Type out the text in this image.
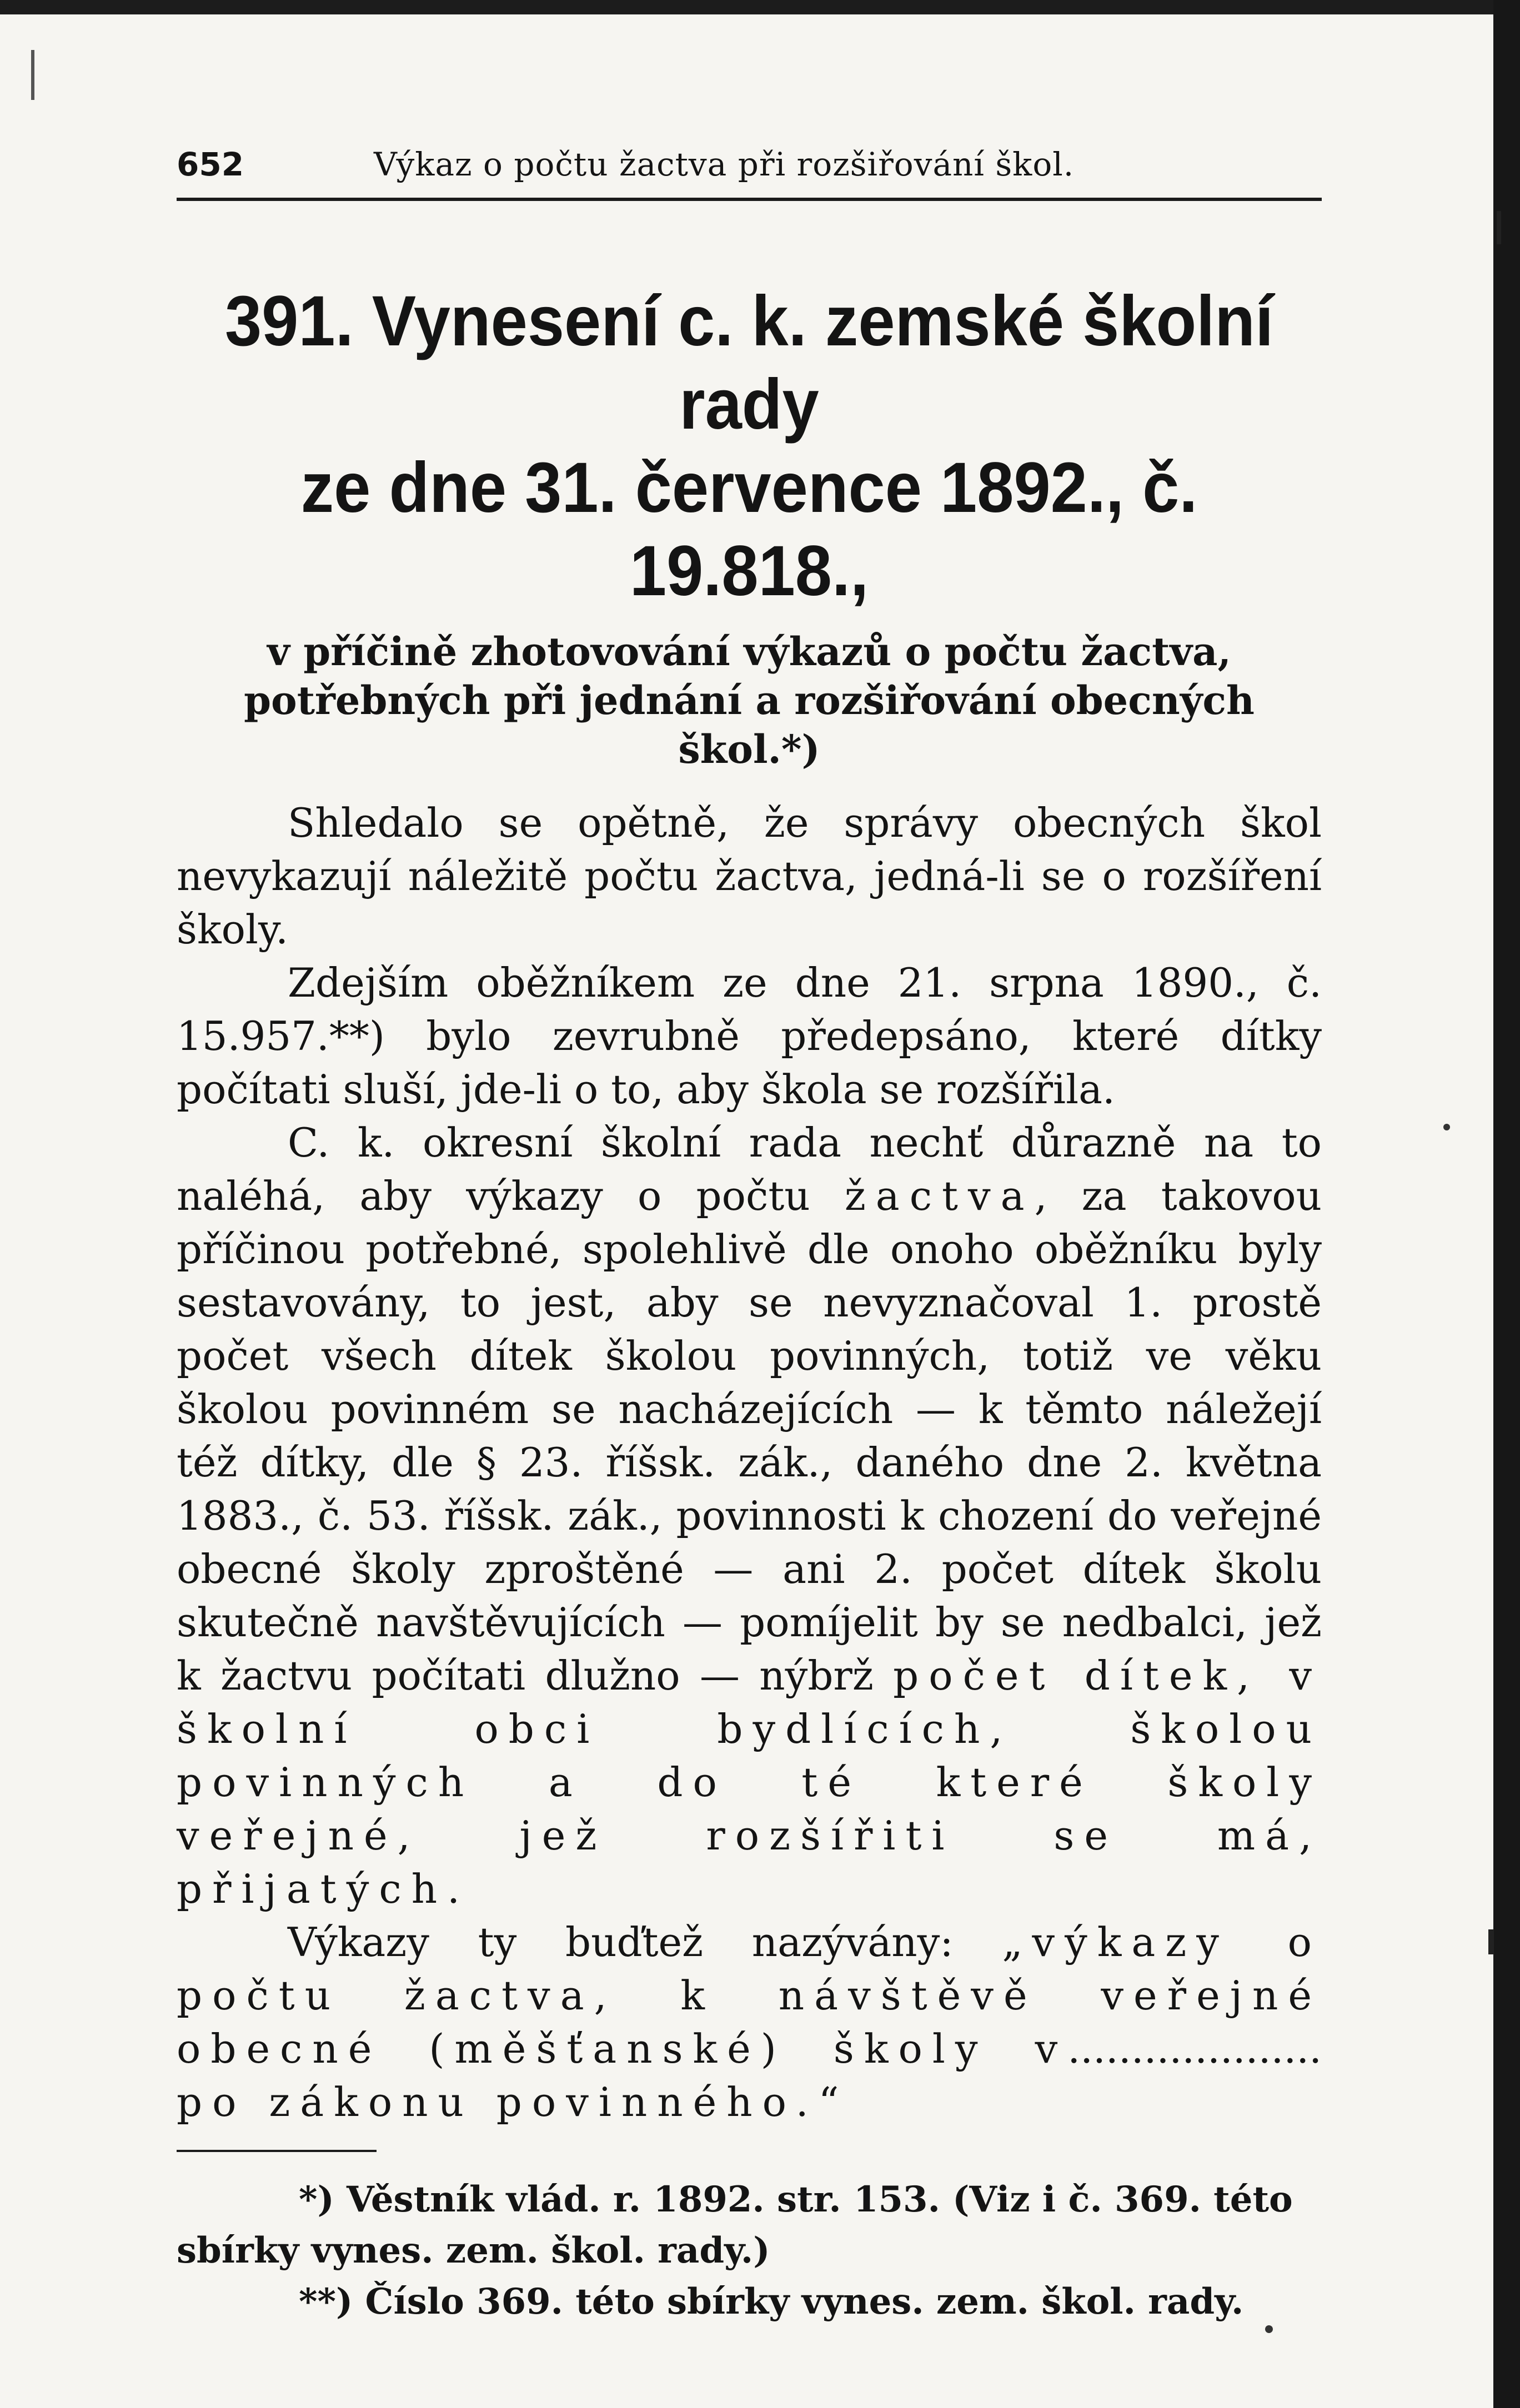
652	Výkaz o počtu žactva při rozšiřování škol.
391. Vynesení c. k. zemské školní rady
ze dne 31. července 1892., č. 19.818.,
v příčině zhotovování výkazů o počtu žactva, potřebných při jednání a rozšiřování obecných škol.*)

Shledalo se opětně, že správy obecných škol nevykazují náležitě počtu žactva, jedná-li se o rozšíření školy.

Zdejším oběžníkem ze dne 21. srpna 1890., č. 15.957.**) bylo zevrubně předepsáno, které dítky počítati sluší, jde-li o to, aby škola se rozšířila.

C. k. okresní školní rada nechť důrazně na to naléhá, aby výkazy o počtu žactva, za takovou příčinou potřebné, spolehlivě dle onoho oběžníku byly sestavovány, to jest, aby se nevyznačoval 1. prostě počet všech dítek školou povinných, totiž ve věku školou povinném se nacházejících — k těmto náležejí též dítky, dle § 23. říšsk. zák., daného dne 2. května 1883., č. 53. říšsk. zák., povinnosti k chození do veřejné obecné školy zproštěné — ani 2. počet dítek školu skutečně navštěvujících — pomíjelit by se nedbalci, jež k žactvu počítati dlužno — nýbrž počet dítek, v školní obci bydlících, školou povinných a do té které školy veřejné, jež rozšířiti se má, přijatých.

Výkazy ty buďtež nazývány: „výkazy o počtu žactva, k návštěvě veřejné obecné (měšťanské) školy v.................... po zákonu povinného.“

*) Věstník vlád. r. 1892. str. 153. (Viz i č. 369. této sbírky vynes. zem. škol. rady.)

**) Číslo 369. této sbírky vynes. zem. škol. rady.
